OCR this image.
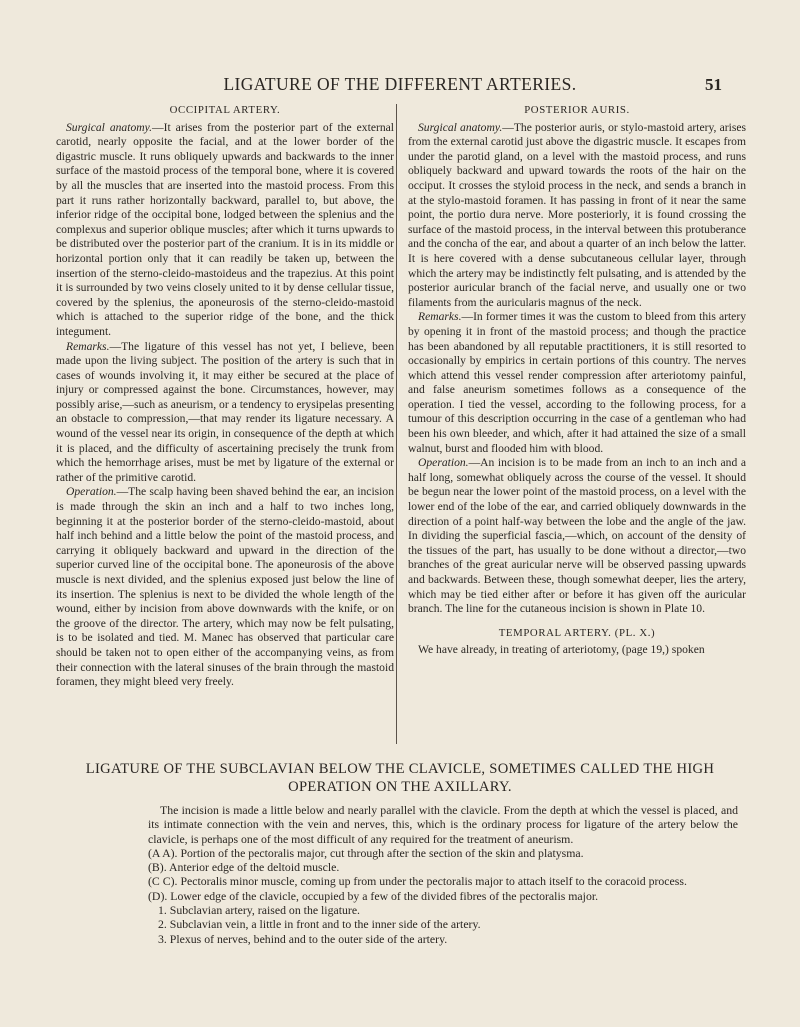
LIGATURE OF THE DIFFERENT ARTERIES.	51
OCCIPITAL ARTERY.

Surgical anatomy.—It arises from the posterior part of the external carotid, nearly opposite the facial, and at the lower border of the digastric muscle. It runs obliquely upwards and backwards to the inner surface of the mastoid process of the temporal bone, where it is covered by all the muscles that are inserted into the mastoid process. From this part it runs rather horizontally backward, parallel to, but above, the inferior ridge of the occipital bone, lodged between the splenius and the complexus and superior oblique muscles; after which it turns upwards to be distributed over the posterior part of the cranium. It is in its middle or horizontal portion only that it can readily be taken up, between the insertion of the sterno-cleido-mastoideus and the trapezius. At this point it is surrounded by two veins closely united to it by dense cellular tissue, covered by the splenius, the aponeurosis of the sterno-cleido-mastoid which is attached to the superior ridge of the bone, and the thick integument.

Remarks.—The ligature of this vessel has not yet, I believe, been made upon the living subject. The position of the artery is such that in cases of wounds involving it, it may either be secured at the place of injury or compressed against the bone. Circumstances, however, may possibly arise,—such as aneurism, or a tendency to erysipelas presenting an obstacle to compression,—that may render its ligature necessary. A wound of the vessel near its origin, in consequence of the depth at which it is placed, and the difficulty of ascertaining precisely the trunk from which the hemorrhage arises, must be met by ligature of the external or rather of the primitive carotid.

Operation.—The scalp having been shaved behind the ear, an incision is made through the skin an inch and a half to two inches long, beginning it at the posterior border of the sterno-cleido-mastoid, about half inch behind and a little below the point of the mastoid process, and carrying it obliquely backward and upward in the direction of the superior curved line of the occipital bone. The aponeurosis of the above muscle is next divided, and the splenius exposed just below the line of its insertion. The splenius is next to be divided the whole length of the wound, either by incision from above downwards with the knife, or on the groove of the director. The artery, which may now be felt pulsating, is to be isolated and tied. M. Manec has observed that particular care should be taken not to open either of the accompanying veins, as from their connection with the lateral sinuses of the brain through the mastoid foramen, they might bleed very freely.

POSTERIOR AURIS.

Surgical anatomy.—The posterior auris, or stylo-mastoid artery, arises from the external carotid just above the digastric muscle. It escapes from under the parotid gland, on a level with the mastoid process, and runs obliquely backward and upward towards the roots of the hair on the occiput. It crosses the styloid process in the neck, and sends a branch in at the stylo-mastoid foramen. It has passing in front of it near the same point, the portio dura nerve. More posteriorly, it is found crossing the surface of the mastoid process, in the interval between this protuberance and the concha of the ear, and about a quarter of an inch below the latter. It is here covered with a dense subcutaneous cellular layer, through which the artery may be indistinctly felt pulsating, and is attended by the posterior auricular branch of the facial nerve, and usually one or two filaments from the auricularis magnus of the neck.

Remarks.—In former times it was the custom to bleed from this artery by opening it in front of the mastoid process; and though the practice has been abandoned by all reputable practitioners, it is still resorted to occasionally by empirics in certain portions of this country. The nerves which attend this vessel render compression after arteriotomy painful, and false aneurism sometimes follows as a consequence of the operation. I tied the vessel, according to the following process, for a tumour of this description occurring in the case of a gentleman who had been his own bleeder, and which, after it had attained the size of a small walnut, burst and flooded him with blood.

Operation.—An incision is to be made from an inch to an inch and a half long, somewhat obliquely across the course of the vessel. It should be begun near the lower point of the mastoid process, on a level with the lower end of the lobe of the ear, and carried obliquely downwards in the direction of a point half-way between the lobe and the angle of the jaw. In dividing the superficial fascia,—which, on account of the density of the tissues of the part, has usually to be done without a director,—two branches of the great auricular nerve will be observed passing upwards and backwards. Between these, though somewhat deeper, lies the artery, which may be tied either after or before it has given off the auricular branch. The line for the cutaneous incision is shown in Plate 10.

TEMPORAL ARTERY. (PL. X.)

We have already, in treating of arteriotomy, (page 19,) spoken

LIGATURE OF THE SUBCLAVIAN BELOW THE CLAVICLE, SOMETIMES CALLED THE HIGH
OPERATION ON THE AXILLARY.

The incision is made a little below and nearly parallel with the clavicle. From the depth at which the vessel is placed, and its intimate connection with the vein and nerves, this, which is the ordinary process for ligature of the artery below the clavicle, is perhaps one of the most difficult of any required for the treatment of aneurism.

(A A). Portion of the pectoralis major, cut through after the section of the skin and platysma.

(B). Anterior edge of the deltoid muscle.

(C C). Pectoralis minor muscle, coming up from under the pectoralis major to attach itself to the coracoid process.

(D). Lower edge of the clavicle, occupied by a few of the divided fibres of the pectoralis major.

1. Subclavian artery, raised on the ligature.

2. Subclavian vein, a little in front and to the inner side of the artery.

3. Plexus of nerves, behind and to the outer side of the artery.
